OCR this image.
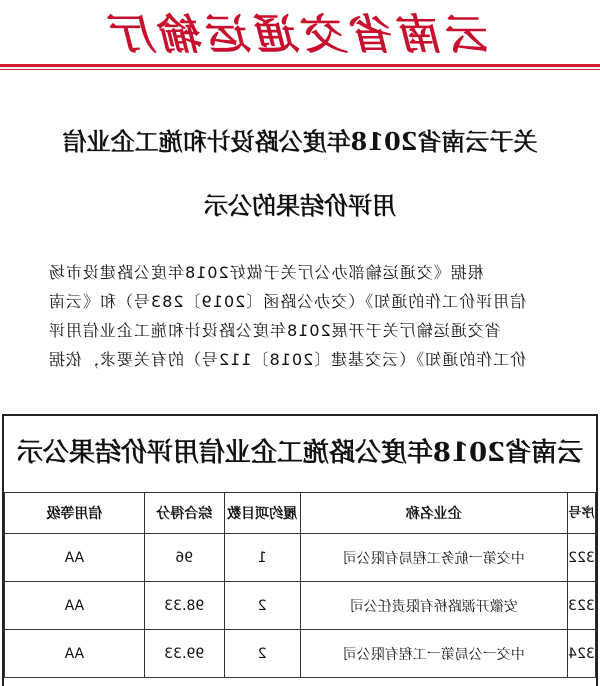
云南省交通运输厅
关于云南省2018年度公路设计和施工企业信
用评价结果的公示
根据《交通运输部办公厅关于做好2018年度公路建设市场
信用评价工作的通知》（交办公路函〔2019〕283号）和《云南
省交通运输厅关于开展2018年度公路设计和施工企业信用评
价工作的通知》（云交基建〔2018〕112号）的有关要求，依据
云南省2018年度公路施工企业信用评价结果公示
序号	企业名称	履约项目数	综合得分	信用等级
322	中交第一航务工程局有限公司	1	96	AA
323	安徽开源路桥有限责任公司	2	98.33	AA
324	中交一公局第一工程有限公司	2	99.33	AA
